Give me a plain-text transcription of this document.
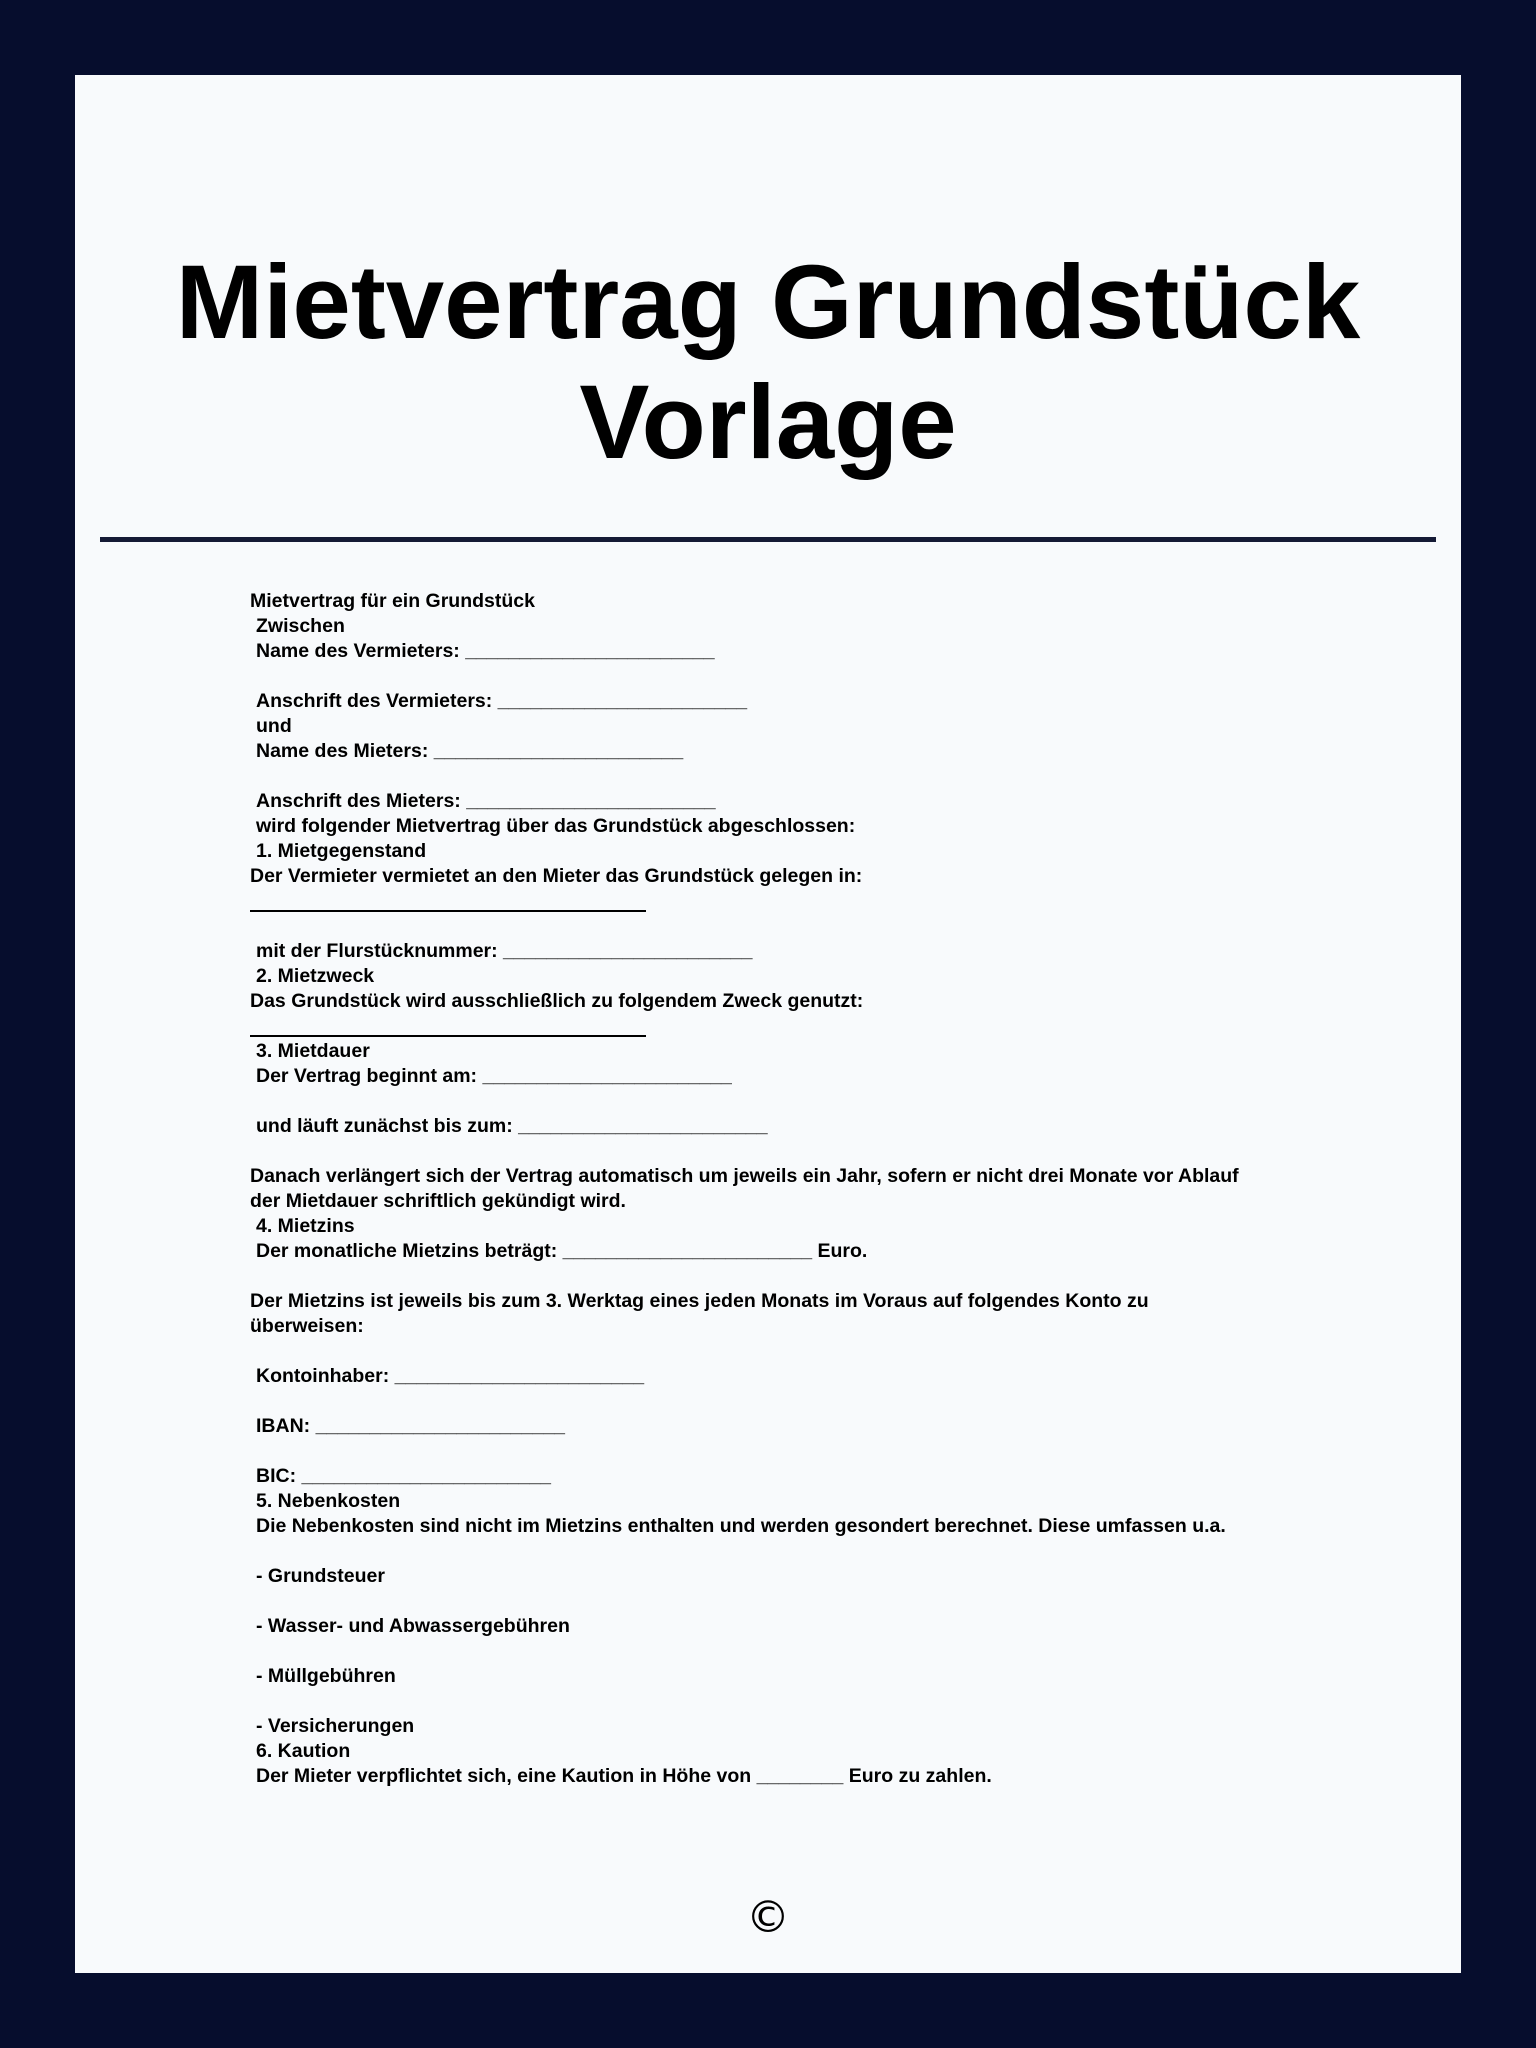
Mietvertrag Grundstück
Vorlage
Mietvertrag für ein Grundstück
Zwischen
Name des Vermieters: _______________________
Anschrift des Vermieters: _______________________
und
Name des Mieters: _______________________
Anschrift des Mieters: _______________________
wird folgender Mietvertrag über das Grundstück abgeschlossen:
1. Mietgegenstand
Der Vermieter vermietet an den Mieter das Grundstück gelegen in:
mit der Flurstücknummer: _______________________
2. Mietzweck
Das Grundstück wird ausschließlich zu folgendem Zweck genutzt:
3. Mietdauer
Der Vertrag beginnt am: _______________________
und läuft zunächst bis zum: _______________________
Danach verlängert sich der Vertrag automatisch um jeweils ein Jahr, sofern er nicht drei Monate vor Ablauf
der Mietdauer schriftlich gekündigt wird.
4. Mietzins
Der monatliche Mietzins beträgt: _______________________ Euro.
Der Mietzins ist jeweils bis zum 3. Werktag eines jeden Monats im Voraus auf folgendes Konto zu
überweisen:
Kontoinhaber: _______________________
IBAN: _______________________
BIC: _______________________
5. Nebenkosten
Die Nebenkosten sind nicht im Mietzins enthalten und werden gesondert berechnet. Diese umfassen u.a.
- Grundsteuer
- Wasser- und Abwassergebühren
- Müllgebühren
- Versicherungen
6. Kaution
Der Mieter verpflichtet sich, eine Kaution in Höhe von ________ Euro zu zahlen.
©
